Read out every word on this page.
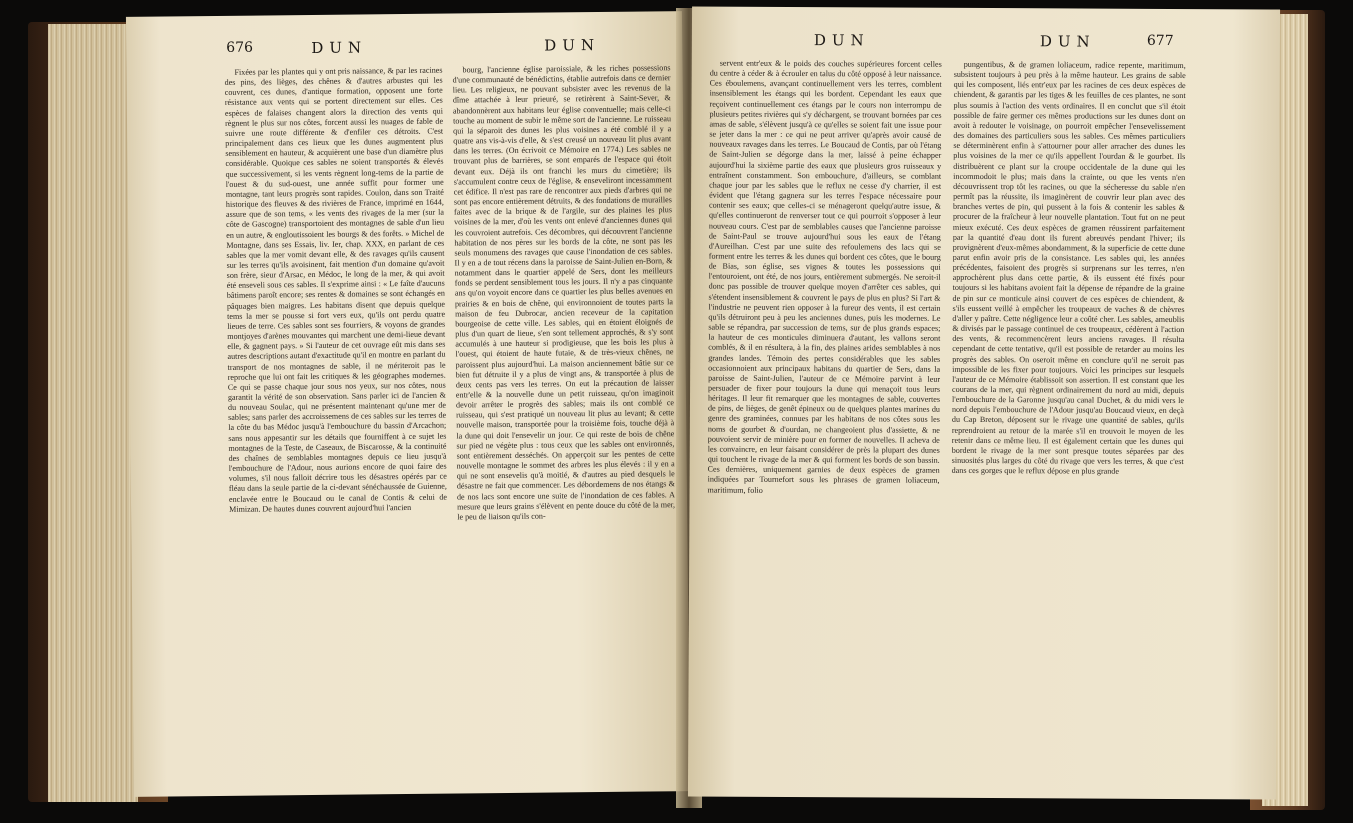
676	DUN	DUN

Fixées par les plantes qui y ont pris naissance, & par les racines des pins, des lièges, des chênes & d'autres arbustes qui les couvrent, ces dunes, d'antique formation, opposent une forte résistance aux vents qui se portent directement sur elles. Ces espèces de falaises changent alors la direction des vents qui règnent le plus sur nos côtes, forcent aussi les nuages de fable de suivre une route différente & d'enfiler ces détroits. C'est principalement dans ces lieux que les dunes augmentent plus sensiblement en hauteur, & acquièrent une base d'un diamètre plus considérable. Quoique ces sables ne soient transportés & élevés que successivement, si les vents règnent long-tems de la partie de l'ouest & du sud-ouest, une année suffit pour former une montagne, tant leurs progrès sont rapides. Coulon, dans son Traité historique des fleuves & des rivières de France, imprimé en 1644, assure que de son tems, « les vents des rivages de la mer (sur la côte de Gascogne) transportoient des montagnes de sable d'un lieu en un autre, & engloutissoient les bourgs & des forêts. » Michel de Montagne, dans ses Essais, liv. Ier, chap. XXX, en parlant de ces sables que la mer vomit devant elle, & des ravages qu'ils causent sur les terres qu'ils avoisinent, fait mention d'un domaine qu'avoit son frère, sieur d'Arsac, en Médoc, le long de la mer, & qui avoit été enseveli sous ces sables. Il s'exprime ainsi : « Le faîte d'aucuns bâtimens paroît encore; ses rentes & domaines se sont échangés en pâquages bien maigres. Les habitans disent que depuis quelque tems la mer se pousse si fort vers eux, qu'ils ont perdu quatre lieues de terre. Ces sables sont ses fourriers, & voyons de grandes montjoyes d'arènes mouvantes qui marchent une demi-lieue devant elle, & gagnent pays. » Si l'auteur de cet ouvrage eût mis dans ses autres descriptions autant d'exactitude qu'il en montre en parlant du transport de nos montagnes de sable, il ne mériteroit pas le reproche que lui ont fait les critiques & les géographes modernes. Ce qui se passe chaque jour sous nos yeux, sur nos côtes, nous garantit la vérité de son observation. Sans parler ici de l'ancien & du nouveau Soulac, qui ne présentent maintenant qu'une mer de sables; sans parler des accroissemens de ces sables sur les terres de la côte du bas Médoc jusqu'à l'embouchure du bassin d'Arcachon; sans nous appesantir sur les détails que fourniffent à ce sujet les montagnes de la Teste, de Caseaux, de Biscarosse, & la continuité des chaînes de semblables montagnes depuis ce lieu jusqu'à l'embouchure de l'Adour, nous aurions encore de quoi faire des volumes, s'il nous falloit décrire tous les désastres opérés par ce fléau dans la seule partie de la ci-devant sénéchaussée de Guienne, enclavée entre le Boucaud ou le canal de Contis & celui de Mimizan. De hautes dunes couvrent aujourd'hui l'ancien

bourg, l'ancienne église paroissiale, & les riches possessions d'une communauté de bénédictins, établie autrefois dans ce dernier lieu. Les religieux, ne pouvant subsister avec les revenus de la dîme attachée à leur prieuré, se retirèrent à Saint-Sever, & abandonnèrent aux habitans leur église conventuelle; mais celle-ci touche au moment de subir le même sort de l'ancienne. Le ruisseau qui la séparoit des dunes les plus voisines a été comblé il y a quatre ans vis-à-vis d'elle, & s'est creusé un nouveau lit plus avant dans les terres. (On écrivoit ce Mémoire en 1774.) Les sables ne trouvant plus de barrières, se sont emparés de l'espace qui étoit devant eux. Déjà ils ont franchi les murs du cimetière; ils s'accumulent contre ceux de l'église, & enseveliront incessamment cet édifice. Il n'est pas rare de rencontrer aux pieds d'arbres qui ne sont pas encore entièrement détruits, & des fondations de murailles faites avec de la brique & de l'argile, sur des plaines les plus voisines de la mer, d'où les vents ont enlevé d'anciennes dunes qui les couvroient autrefois. Ces décombres, qui découvrent l'ancienne habitation de nos pères sur les bords de la côte, ne sont pas les seuls monumens des ravages que cause l'inondation de ces sables. Il y en a de tout récens dans la paroisse de Saint-Julien en-Born, & notamment dans le quartier appelé de Sers, dont les meilleurs fonds se perdent sensiblement tous les jours. Il n'y a pas cinquante ans qu'on voyoit encore dans ce quartier les plus belles avenues en prairies & en bois de chêne, qui environnoient de toutes parts la maison de feu Dubrocar, ancien receveur de la capitation bourgeoise de cette ville. Les sables, qui en étoient éloignés de plus d'un quart de lieue, s'en sont tellement approchés, & s'y sont accumulés à une hauteur si prodigieuse, que les bois les plus à l'ouest, qui étoient de haute futaie, & de très-vieux chênes, ne paroissent plus aujourd'hui. La maison anciennement bâtie sur ce bien fut détruite il y a plus de vingt ans, & transportée à plus de deux cents pas vers les terres. On eut la précaution de laisser entr'elle & la nouvelle dune un petit ruisseau, qu'on imaginoit devoir arrêter le progrès des sables; mais ils ont comblé ce ruisseau, qui s'est pratiqué un nouveau lit plus au levant; & cette nouvelle maison, transportée pour la troisième fois, touche déjà à la dune qui doit l'ensevelir un jour. Ce qui reste de bois de chêne sur pied ne végète plus : tous ceux que les sables ont environnés, sont entièrement desséchés. On apperçoit sur les pentes de cette nouvelle montagne le sommet des arbres les plus élevés : il y en a qui ne sont ensevelis qu'à moitié, & d'autres au pied desquels le désastre ne fait que commencer. Les débordemens de nos étangs & de nos lacs sont encore une suite de l'inondation de ces fables. A mesure que leurs grains s'élèvent en pente douce du côté de la mer, le peu de liaison qu'ils con-

DUN	DUN	677

servent entr'eux & le poids des couches supérieures forcent celles du centre à céder & à écrouler en talus du côté opposé à leur naissance. Ces éboulemens, avançant continuellement vers les terres, comblent insensiblement les étangs qui les bordent. Cependant les eaux que reçoivent continuellement ces étangs par le cours non interrompu de plusieurs petites rivières qui s'y déchargent, se trouvant bornées par ces amas de sable, s'élèvent jusqu'à ce qu'elles se soient fait une issue pour se jeter dans la mer : ce qui ne peut arriver qu'après avoir causé de nouveaux ravages dans les terres. Le Boucaud de Contis, par où l'étang de Saint-Julien se dégorge dans la mer, laissé à peine échapper aujourd'hui la sixième partie des eaux que plusieurs gros ruisseaux y entraînent constamment. Son embouchure, d'ailleurs, se comblant chaque jour par les sables que le reflux ne cesse d'y charrier, il est évident que l'étang gagnera sur les terres l'espace nécessaire pour contenir ses eaux; que celles-ci se ménageront quelqu'autre issue, & qu'elles continueront de renverser tout ce qui pourroit s'opposer à leur nouveau cours. C'est par de semblables causes que l'ancienne paroisse de Saint-Paul se trouve aujourd'hui sous les eaux de l'étang d'Aureilhan. C'est par une suite des refoulemens des lacs qui se forment entre les terres & les dunes qui bordent ces côtes, que le bourg de Bias, son église, ses vignes & toutes les possessions qui l'entouroient, ont été, de nos jours, entièrement submergés. Ne seroit-il donc pas possible de trouver quelque moyen d'arrêter ces sables, qui s'étendent insensiblement & couvrent le pays de plus en plus? Si l'art & l'industrie ne peuvent rien opposer à la fureur des vents, il est certain qu'ils détruiront peu à peu les anciennes dunes, puis les modernes. Le sable se répandra, par succession de tems, sur de plus grands espaces; la hauteur de ces monticules diminuera d'autant, les vallons seront comblés, & il en résultera, à la fin, des plaines arides semblables à nos grandes landes. Témoin des pertes considérables que les sables occasionnoient aux principaux habitans du quartier de Sers, dans la paroisse de Saint-Julien, l'auteur de ce Mémoire parvint à leur persuader de fixer pour toujours la dune qui menaçoit tous leurs héritages. Il leur fit remarquer que les montagnes de sable, couvertes de pins, de lièges, de genêt épineux ou de quelques plantes marines du genre des graminées, connues par les habitans de nos côtes sous les noms de gourbet & d'ourdan, ne changeoient plus d'assiette, & ne pouvoient servir de minière pour en former de nouvelles. Il acheva de les convaincre, en leur faisant considérer de près la plupart des dunes qui touchent le rivage de la mer & qui forment les bords de son bassin. Ces dernières, uniquement garnies de deux espèces de gramen indiquées par Tournefort sous les phrases de gramen loliaceum, maritimum, folio

pungentibus, & de gramen loliaceum, radice repente, maritimum, subsistent toujours à peu près à la même hauteur. Les grains de sable qui les composent, liés entr'eux par les racines de ces deux espèces de chiendent, & garantis par les tiges & les feuilles de ces plantes, ne sont plus soumis à l'action des vents ordinaires. Il en conclut que s'il étoit possible de faire germer ces mêmes productions sur les dunes dont on avoit à redouter le voisinage, on pourroit empêcher l'ensevelissement des domaines des particuliers sous les sables. Ces mêmes particuliers se déterminèrent enfin à s'attourner pour aller arracher des dunes les plus voisines de la mer ce qu'ils appellent l'ourdan & le gourbet. Ils distribuèrent ce plant sur la croupe occidentale de la dune qui les incommodoit le plus; mais dans la crainte, ou que les vents n'en découvrissent trop tôt les racines, ou que la sécheresse du sable n'en permît pas la réussite, ils imaginèrent de couvrir leur plan avec des branches vertes de pin, qui pussent à la fois & contenir les sables & procurer de la fraîcheur à leur nouvelle plantation. Tout fut on ne peut mieux exécuté. Ces deux espèces de gramen réussirent parfaitement par la quantité d'eau dont ils furent abreuvés pendant l'hiver; ils provignèrent d'eux-mêmes abondamment, & la superficie de cette dune parut enfin avoir pris de la consistance. Les sables qui, les années précédentes, faisoient des progrès si surprenans sur les terres, n'en approchèrent plus dans cette partie, & ils eussent été fixés pour toujours si les habitans avoient fait la dépense de répandre de la graine de pin sur ce monticule ainsi couvert de ces espèces de chiendent, & s'ils eussent veillé à empêcher les troupeaux de vaches & de chèvres d'aller y paître. Cette négligence leur a coûté cher. Les sables, ameublis & divisés par le passage continuel de ces troupeaux, cédèrent à l'action des vents, & recommencèrent leurs anciens ravages. Il résulta cependant de cette tentative, qu'il est possible de retarder au moins les progrès des sables. On oseroit même en conclure qu'il ne seroit pas impossible de les fixer pour toujours. Voici les principes sur lesquels l'auteur de ce Mémoire établissoit son assertion. Il est constant que les courans de la mer, qui règnent ordinairement du nord au midi, depuis l'embouchure de la Garonne jusqu'au canal Duchet, & du midi vers le nord depuis l'embouchure de l'Adour jusqu'au Boucaud vieux, en deçà du Cap Breton, déposent sur le rivage une quantité de sables, qu'ils reprendroient au retour de la marée s'il en trouvoit le moyen de les retenir dans ce même lieu. Il est également certain que les dunes qui bordent le rivage de la mer sont presque toutes séparées par des sinuosités plus larges du côté du rivage que vers les terres, & que c'est dans ces gorges que le reflux dépose en plus grande
